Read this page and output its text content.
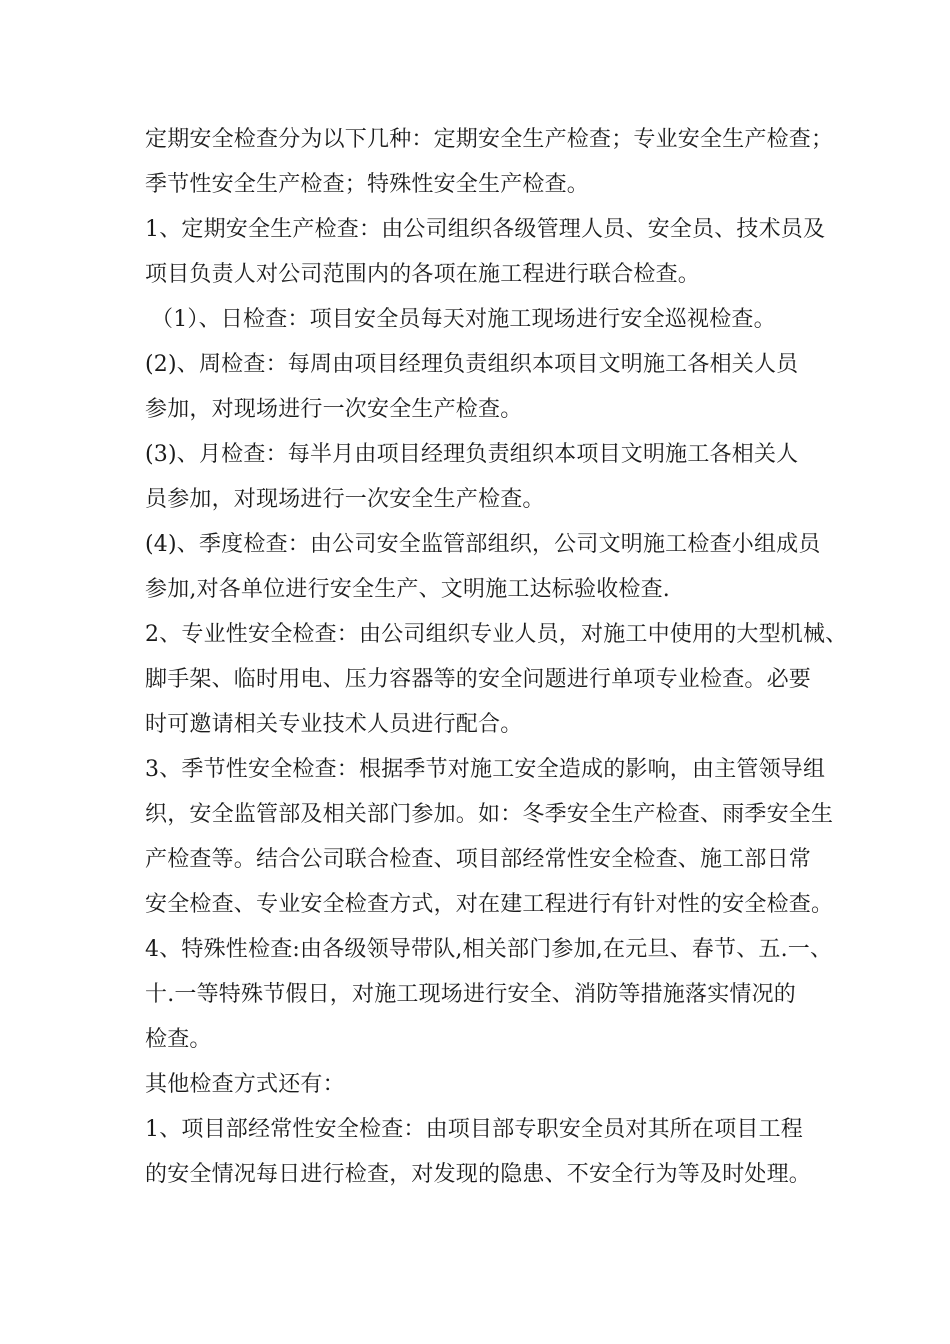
定期安全检查分为以下几种：定期安全生产检查；专业安全生产检查；
季节性安全生产检查；特殊性安全生产检查。
1、定期安全生产检查：由公司组织各级管理人员、安全员、技术员及
项目负责人对公司范围内的各项在施工程进行联合检查。
（1）、日检查：项目安全员每天对施工现场进行安全巡视检查。
(2)、周检查：每周由项目经理负责组织本项目文明施工各相关人员
参加，对现场进行一次安全生产检查。
(3)、月检查：每半月由项目经理负责组织本项目文明施工各相关人
员参加，对现场进行一次安全生产检查。
(4)、季度检查：由公司安全监管部组织，公司文明施工检查小组成员
参加,对各单位进行安全生产、文明施工达标验收检查.
2、专业性安全检查：由公司组织专业人员，对施工中使用的大型机械、
脚手架、临时用电、压力容器等的安全问题进行单项专业检查。必要
时可邀请相关专业技术人员进行配合。
3、季节性安全检查：根据季节对施工安全造成的影响，由主管领导组
织，安全监管部及相关部门参加。如：冬季安全生产检查、雨季安全生
产检查等。结合公司联合检查、项目部经常性安全检查、施工部日常
安全检查、专业安全检查方式，对在建工程进行有针对性的安全检查。
4、特殊性检查:由各级领导带队,相关部门参加,在元旦、春节、五.一、
十.一等特殊节假日，对施工现场进行安全、消防等措施落实情况的
检查。
其他检查方式还有：
1、项目部经常性安全检查：由项目部专职安全员对其所在项目工程
的安全情况每日进行检查，对发现的隐患、不安全行为等及时处理。
